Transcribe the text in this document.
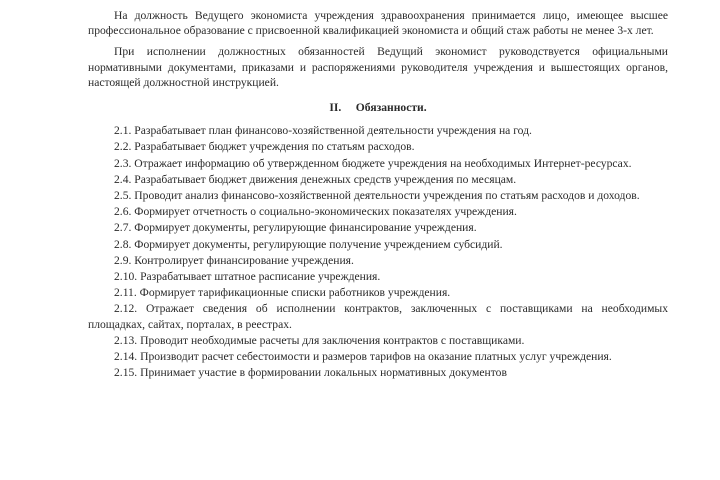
На должность Ведущего экономиста учреждения здравоохранения принимается лицо, имеющее высшее профессиональное образование с присвоенной квалификацией экономиста и общий стаж работы не менее 3-х лет.

При исполнении должностных обязанностей Ведущий экономист руководствуется официальными нормативными документами, приказами и распоряжениями руководителя учреждения и вышестоящих органов, настоящей должностной инструкцией.

II.     Обязанности.

2.1. Разрабатывает план финансово-хозяйственной деятельности учреждения на год.

2.2. Разрабатывает бюджет учреждения по статьям расходов.

2.3. Отражает информацию об утвержденном бюджете учреждения на необходимых Интернет-ресурсах.

2.4. Разрабатывает бюджет движения денежных средств учреждения по месяцам.

2.5. Проводит анализ финансово-хозяйственной деятельности учреждения по статьям расходов и доходов.

2.6. Формирует отчетность о социально-экономических показателях учреждения.

2.7. Формирует документы, регулирующие финансирование учреждения.

2.8. Формирует документы, регулирующие получение учреждением субсидий.

2.9. Контролирует финансирование учреждения.

2.10. Разрабатывает штатное расписание учреждения.

2.11. Формирует тарификационные списки работников учреждения.

2.12. Отражает сведения об исполнении контрактов, заключенных с поставщиками на необходимых площадках, сайтах, порталах, в реестрах.

2.13. Проводит необходимые расчеты для заключения контрактов с поставщиками.

2.14. Производит расчет себестоимости и размеров тарифов на оказание платных услуг учреждения.

2.15. Принимает участие в формировании локальных нормативных документов
